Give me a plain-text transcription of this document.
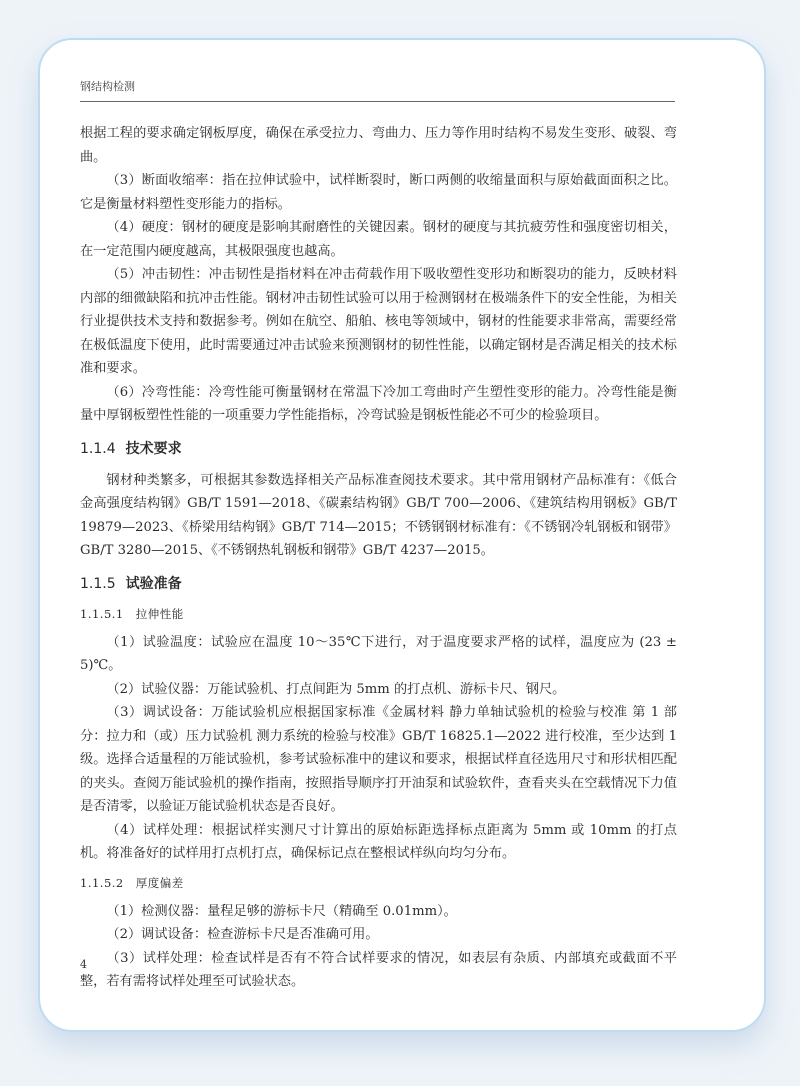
钢结构检测

根据工程的要求确定钢板厚度，确保在承受拉力、弯曲力、压力等作用时结构不易发生变形、破裂、弯曲。

（3）断面收缩率：指在拉伸试验中，试样断裂时，断口两侧的收缩量面积与原始截面面积之比。它是衡量材料塑性变形能力的指标。

（4）硬度：钢材的硬度是影响其耐磨性的关键因素。钢材的硬度与其抗疲劳性和强度密切相关，在一定范围内硬度越高，其极限强度也越高。

（5）冲击韧性：冲击韧性是指材料在冲击荷载作用下吸收塑性变形功和断裂功的能力，反映材料内部的细微缺陷和抗冲击性能。钢材冲击韧性试验可以用于检测钢材在极端条件下的安全性能，为相关行业提供技术支持和数据参考。例如在航空、船舶、核电等领域中，钢材的性能要求非常高，需要经常在极低温度下使用，此时需要通过冲击试验来预测钢材的韧性性能，以确定钢材是否满足相关的技术标准和要求。

（6）冷弯性能：冷弯性能可衡量钢材在常温下冷加工弯曲时产生塑性变形的能力。冷弯性能是衡量中厚钢板塑性性能的一项重要力学性能指标，冷弯试验是钢板性能必不可少的检验项目。

1.1.4 技术要求

钢材种类繁多，可根据其参数选择相关产品标准查阅技术要求。其中常用钢材产品标准有：《低合金高强度结构钢》GB/T 1591—2018、《碳素结构钢》GB/T 700—2006、《建筑结构用钢板》GB/T 19879—2023、《桥梁用结构钢》GB/T 714—2015；不锈钢钢材标准有：《不锈钢冷轧钢板和钢带》GB/T 3280—2015、《不锈钢热轧钢板和钢带》GB/T 4237—2015。

1.1.5 试验准备
1.1.5.1 拉伸性能

（1）试验温度：试验应在温度 10～35℃下进行，对于温度要求严格的试样，温度应为 (23 ± 5)℃。

（2）试验仪器：万能试验机、打点间距为 5mm 的打点机、游标卡尺、钢尺。

（3）调试设备：万能试验机应根据国家标准《金属材料 静力单轴试验机的检验与校准 第 1 部分：拉力和（或）压力试验机 测力系统的检验与校准》GB/T 16825.1—2022 进行校准，至少达到 1 级。选择合适量程的万能试验机，参考试验标准中的建议和要求，根据试样直径选用尺寸和形状相匹配的夹头。查阅万能试验机的操作指南，按照指导顺序打开油泵和试验软件，查看夹头在空载情况下力值是否清零，以验证万能试验机状态是否良好。

（4）试样处理：根据试样实测尺寸计算出的原始标距选择标点距离为 5mm 或 10mm 的打点机。将准备好的试样用打点机打点，确保标记点在整根试样纵向均匀分布。

1.1.5.2 厚度偏差

（1）检测仪器：量程足够的游标卡尺（精确至 0.01mm）。

（2）调试设备：检查游标卡尺是否准确可用。

（3）试样处理：检查试样是否有不符合试样要求的情况，如表层有杂质、内部填充或截面不平整，若有需将试样处理至可试验状态。

4
